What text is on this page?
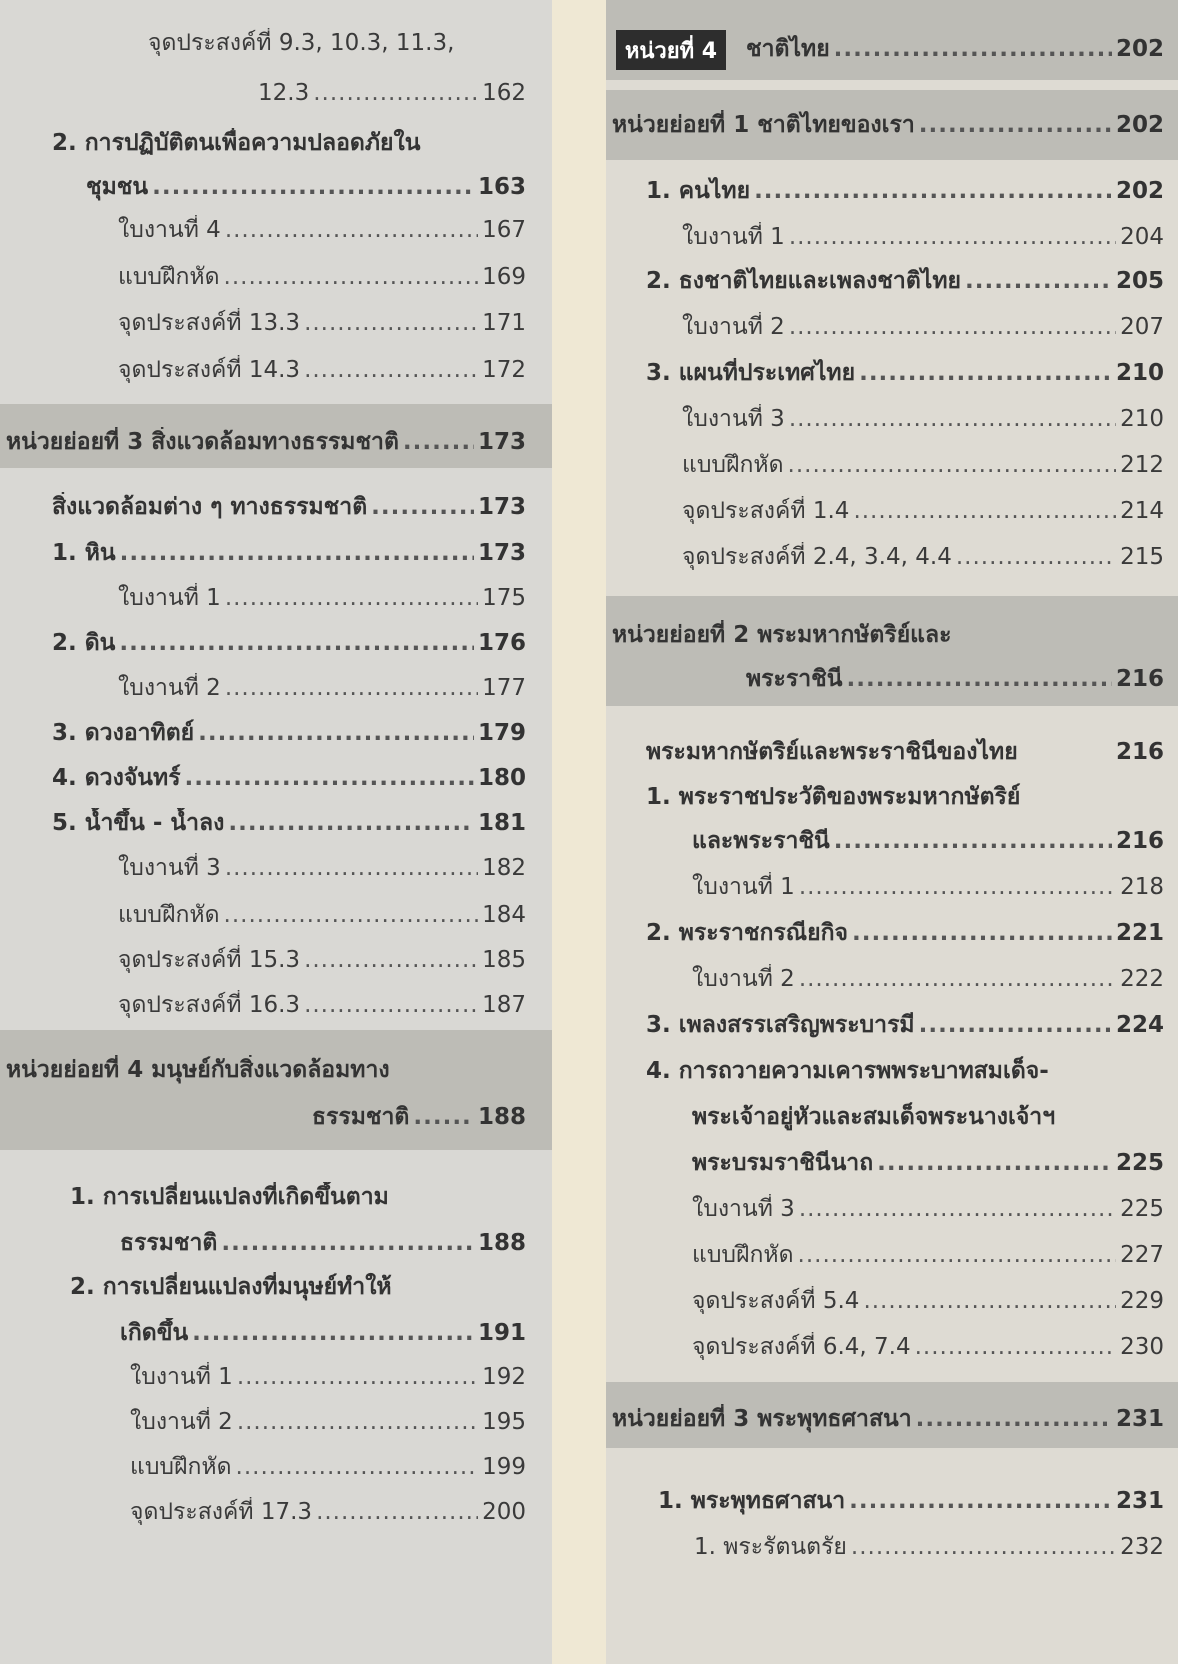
จุดประสงค์ที่ 9.3, 10.3, 11.3,
12.3 .....	162
2. การปฏิบัติตนเพื่อความปลอดภัยใน
ชุมชน .....	163
ใบงานที่ 4 .....	167
แบบฝึกหัด .....	169
จุดประสงค์ที่ 13.3 .....	171
จุดประสงค์ที่ 14.3 .....	172
หน่วยย่อยที่ 3 สิ่งแวดล้อมทางธรรมชาติ .....	173
สิ่งแวดล้อมต่าง ๆ ทางธรรมชาติ .....	173
1. หิน .....	173
ใบงานที่ 1 .....	175
2. ดิน .....	176
ใบงานที่ 2 .....	177
3. ดวงอาทิตย์ .....	179
4. ดวงจันทร์ .....	180
5. น้ำขึ้น - น้ำลง .....	181
ใบงานที่ 3 .....	182
แบบฝึกหัด .....	184
จุดประสงค์ที่ 15.3 .....	185
จุดประสงค์ที่ 16.3 .....	187
หน่วยย่อยที่ 4 มนุษย์กับสิ่งแวดล้อมทาง
ธรรมชาติ .....	188
1. การเปลี่ยนแปลงที่เกิดขึ้นตาม
ธรรมชาติ .....	188
2. การเปลี่ยนแปลงที่มนุษย์ทำให้
เกิดขึ้น .....	191
ใบงานที่ 1 .....	192
ใบงานที่ 2 .....	195
แบบฝึกหัด .....	199
จุดประสงค์ที่ 17.3 .....	200
หน่วยที่ 4	ชาติไทย .....	202
หน่วยย่อยที่ 1 ชาติไทยของเรา .....	202
1. คนไทย .....	202
ใบงานที่ 1 .....	204
2. ธงชาติไทยและเพลงชาติไทย .....	205
ใบงานที่ 2 .....	207
3. แผนที่ประเทศไทย .....	210
ใบงานที่ 3 .....	210
แบบฝึกหัด .....	212
จุดประสงค์ที่ 1.4 .....	214
จุดประสงค์ที่ 2.4, 3.4, 4.4 .....	215
หน่วยย่อยที่ 2 พระมหากษัตริย์และ
พระราชินี .....	216
พระมหากษัตริย์และพระราชินีของไทย	216
1. พระราชประวัติของพระมหากษัตริย์
และพระราชินี .....	216
ใบงานที่ 1 .....	218
2. พระราชกรณียกิจ .....	221
ใบงานที่ 2 .....	222
3. เพลงสรรเสริญพระบารมี .....	224
4. การถวายความเคารพพระบาทสมเด็จ-
พระเจ้าอยู่หัวและสมเด็จพระนางเจ้าฯ
พระบรมราชินีนาถ .....	225
ใบงานที่ 3 .....	225
แบบฝึกหัด .....	227
จุดประสงค์ที่ 5.4 .....	229
จุดประสงค์ที่ 6.4, 7.4 .....	230
หน่วยย่อยที่ 3 พระพุทธศาสนา .....	231
1. พระพุทธศาสนา .....	231
1. พระรัตนตรัย .....	232
